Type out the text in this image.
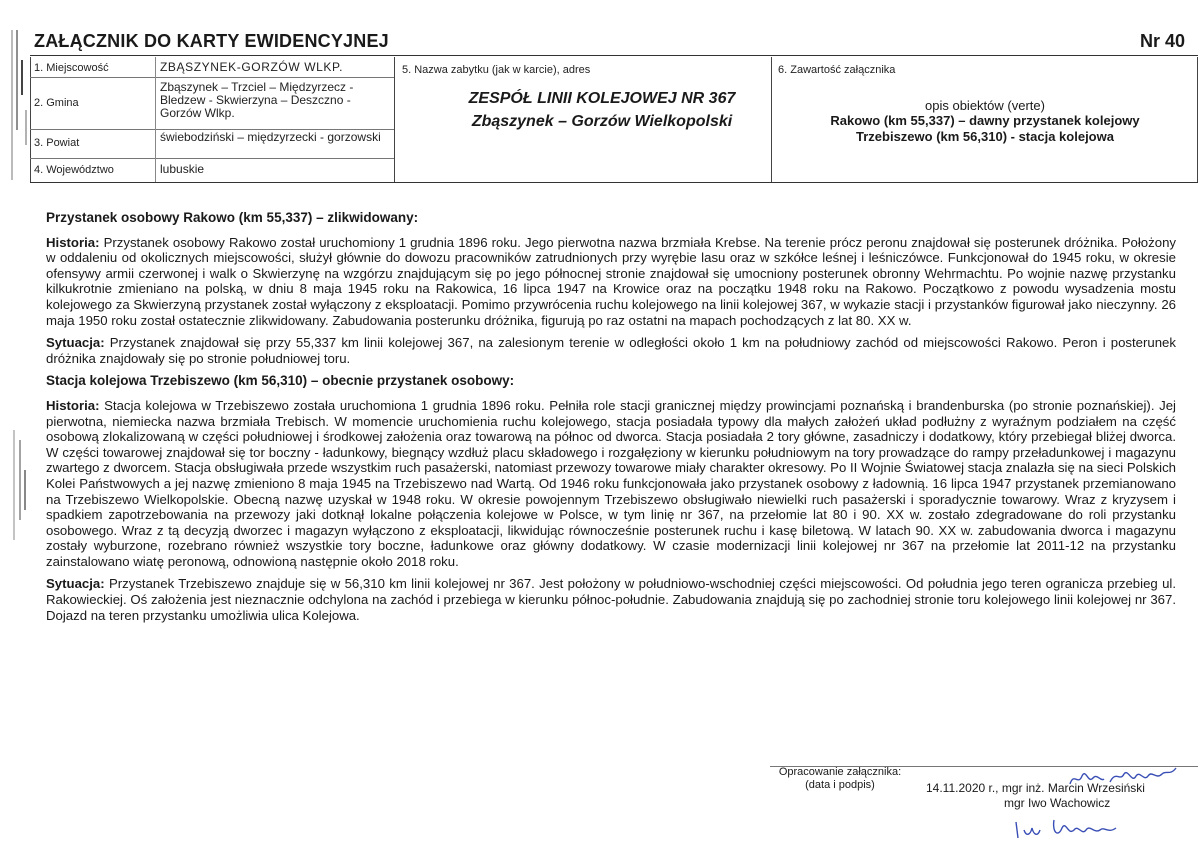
ZAŁĄCZNIK DO KARTY EWIDENCYJNEJ	Nr 40
1. Miejscowość	ZBĄSZYNEK-GORZÓW WLKP.
2. Gmina
Zbąszynek – Trzciel – Międzyrzecz - Bledzew - Skwierzyna – Deszczno - Gorzów Wlkp.
3. Powiat	świebodziński – międzyrzecki - gorzowski
4. Województwo	lubuskie
5. Nazwa zabytku (jak w karcie), adres
ZESPÓŁ LINII KOLEJOWEJ NR 367
Zbąszynek – Gorzów Wielkopolski
6. Zawartość załącznika
opis obiektów (verte)
Rakowo (km 55,337) – dawny przystanek kolejowy
Trzebiszewo (km 56,310) - stacja kolejowa
Przystanek osobowy Rakowo (km 55,337) – zlikwidowany:

Historia: Przystanek osobowy Rakowo został uruchomiony 1 grudnia 1896 roku. Jego pierwotna nazwa brzmiała Krebse. Na terenie prócz peronu znajdował się posterunek dróżnika. Położony w oddaleniu od okolicznych miejscowości, służył głównie do dowozu pracowników zatrudnionych przy wyrębie lasu oraz w szkółce leśnej i leśniczówce. Funkcjonował do 1945 roku, w okresie ofensywy armii czerwonej i walk o Skwierzynę na wzgórzu znajdującym się po jego północnej stronie znajdował się umocniony posterunek obronny Wehrmachtu. Po wojnie nazwę przystanku kilkukrotnie zmieniano na polską, w dniu 8 maja 1945 roku na Rakowica, 16 lipca 1947 na Krowice oraz na początku 1948 roku na Rakowo. Początkowo z powodu wysadzenia mostu kolejowego za Skwierzyną przystanek został wyłączony z eksploatacji. Pomimo przywrócenia ruchu kolejowego na linii kolejowej 367, w wykazie stacji i przystanków figurował jako nieczynny. 26 maja 1950 roku został ostatecznie zlikwidowany. Zabudowania posterunku dróżnika, figurują po raz ostatni na mapach pochodzących z lat 80. XX w.

Sytuacja: Przystanek znajdował się przy 55,337 km linii kolejowej 367, na zalesionym terenie w odległości około 1 km na południowy zachód od miejscowości Rakowo. Peron i posterunek dróżnika znajdowały się po stronie południowej toru.

Stacja kolejowa Trzebiszewo (km 56,310) – obecnie przystanek osobowy:

Historia: Stacja kolejowa w Trzebiszewo została uruchomiona 1 grudnia 1896 roku. Pełniła role stacji granicznej między prowincjami poznańską i brandenburska (po stronie poznańskiej). Jej pierwotna, niemiecka nazwa brzmiała Trebisch. W momencie uruchomienia ruchu kolejowego, stacja posiadała typowy dla małych założeń układ podłużny z wyraźnym podziałem na część osobową zlokalizowaną w części południowej i środkowej założenia oraz towarową na północ od dworca. Stacja posiadała 2 tory główne, zasadniczy i dodatkowy, który przebiegał bliżej dworca. W części towarowej znajdował się tor boczny - ładunkowy, biegnący wzdłuż placu składowego i rozgałęziony w kierunku południowym na tory prowadzące do rampy przeładunkowej i magazynu zwartego z dworcem. Stacja obsługiwała przede wszystkim ruch pasażerski, natomiast przewozy towarowe miały charakter okresowy. Po II Wojnie Światowej stacja znalazła się na sieci Polskich Kolei Państwowych a jej nazwę zmieniono 8 maja 1945 na Trzebiszewo nad Wartą. Od 1946 roku funkcjonowała jako przystanek osobowy z ładownią. 16 lipca 1947 przystanek przemianowano na Trzebiszewo Wielkopolskie. Obecną nazwę uzyskał w 1948 roku. W okresie powojennym Trzebiszewo obsługiwało niewielki ruch pasażerski i sporadycznie towarowy. Wraz z kryzysem i spadkiem zapotrzebowania na przewozy jaki dotknął lokalne połączenia kolejowe w Polsce, w tym linię nr 367, na przełomie lat 80 i 90. XX w. zostało zdegradowane do roli przystanku osobowego. Wraz z tą decyzją dworzec i magazyn wyłączono z eksploatacji, likwidując równocześnie posterunek ruchu i kasę biletową. W latach 90. XX w. zabudowania dworca i magazynu zostały wyburzone, rozebrano również wszystkie tory boczne, ładunkowe oraz główny dodatkowy. W czasie modernizacji linii kolejowej nr 367 na przełomie lat 2011-12 na przystanku zainstalowano wiatę peronową, odnowioną następnie około 2018 roku.

Sytuacja: Przystanek Trzebiszewo znajduje się w 56,310 km linii kolejowej nr 367. Jest położony w południowo-wschodniej części miejscowości. Od południa jego teren ogranicza przebieg ul. Rakowieckiej. Oś założenia jest nieznacznie odchylona na zachód i przebiega w kierunku północ-południe. Zabudowania znajdują się po zachodniej stronie toru kolejowego linii kolejowej nr 367. Dojazd na teren przystanku umożliwia ulica Kolejowa.

Opracowanie załącznika:
(data i podpis)	14.11.2020 r., mgr inż. Marcin Wrzesiński
mgr Iwo Wachowicz
